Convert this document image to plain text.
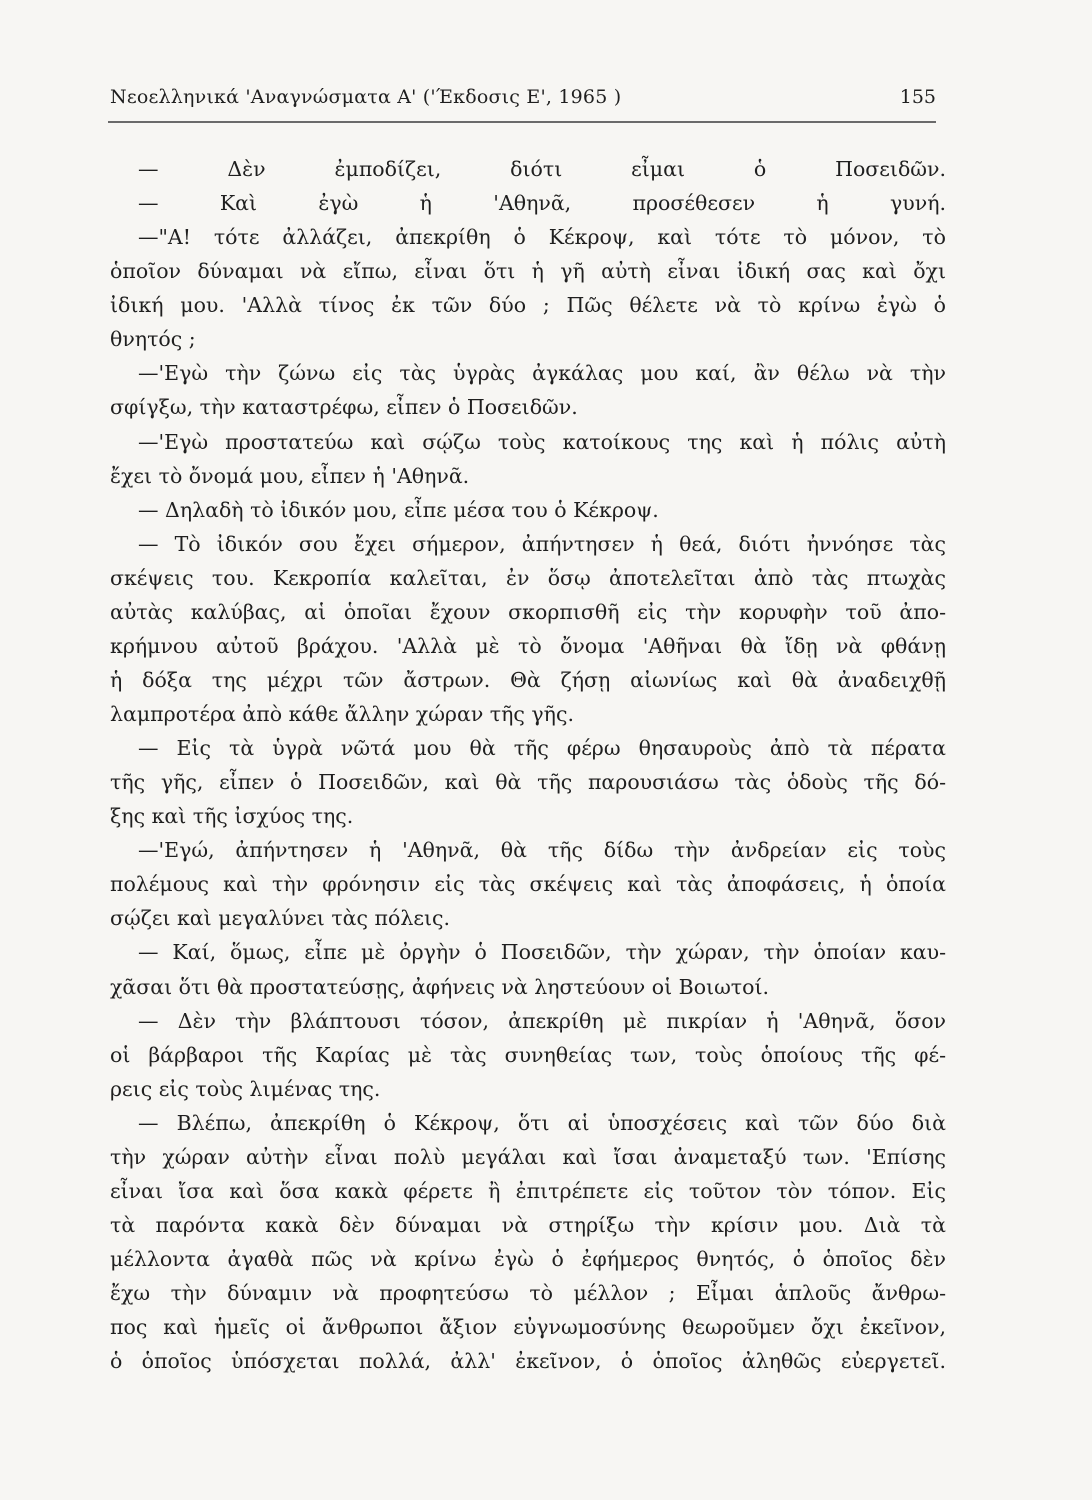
Νεοελληνικά 'Αναγνώσματα Α' ('Έκδοσις Ε', 1965 )	155
— Δὲν ἐμποδίζει, διότι εἶμαι ὁ Ποσειδῶν.
— Καὶ ἐγὼ ἡ 'Αθηνᾶ, προσέθεσεν ἡ γυνή.
—"Α! τότε ἀλλάζει, ἀπεκρίθη ὁ Κέκροψ, καὶ τότε τὸ μόνον, τὸ
ὁποῖον δύναμαι νὰ εἴπω, εἶναι ὅτι ἡ γῆ αὐτὴ εἶναι ἰδική σας καὶ ὄχι
ἰδική μου. 'Αλλὰ τίνος ἐκ τῶν δύο ; Πῶς θέλετε νὰ τὸ κρίνω ἐγὼ ὁ
θνητός ;
—'Εγὼ τὴν ζώνω εἰς τὰς ὑγρὰς ἀγκάλας μου καί, ἂν θέλω νὰ τὴν
σφίγξω, τὴν καταστρέφω, εἶπεν ὁ Ποσειδῶν.
—'Εγὼ προστατεύω καὶ σῴζω τοὺς κατοίκους της καὶ ἡ πόλις αὐτὴ
ἔχει τὸ ὄνομά μου, εἶπεν ἡ 'Αθηνᾶ.
— Δηλαδὴ τὸ ἰδικόν μου, εἶπε μέσα του ὁ Κέκροψ.
— Τὸ ἰδικόν σου ἔχει σήμερον, ἀπήντησεν ἡ θεά, διότι ἠννόησε τὰς
σκέψεις του. Κεκροπία καλεῖται, ἐν ὅσῳ ἀποτελεῖται ἀπὸ τὰς πτωχὰς
αὐτὰς καλύβας, αἱ ὁποῖαι ἔχουν σκορπισθῆ εἰς τὴν κορυφὴν τοῦ ἀπο-
κρήμνου αὐτοῦ βράχου. 'Αλλὰ μὲ τὸ ὄνομα 'Αθῆναι θὰ ἴδῃ νὰ φθάνῃ
ἡ δόξα της μέχρι τῶν ἄστρων. Θὰ ζήσῃ αἰωνίως καὶ θὰ ἀναδειχθῇ
λαμπροτέρα ἀπὸ κάθε ἄλλην χώραν τῆς γῆς.
— Εἰς τὰ ὑγρὰ νῶτά μου θὰ τῆς φέρω θησαυροὺς ἀπὸ τὰ πέρατα
τῆς γῆς, εἶπεν ὁ Ποσειδῶν, καὶ θὰ τῆς παρουσιάσω τὰς ὁδοὺς τῆς δό-
ξης καὶ τῆς ἰσχύος της.
—'Εγώ, ἀπήντησεν ἡ 'Αθηνᾶ, θὰ τῆς δίδω τὴν ἀνδρείαν εἰς τοὺς
πολέμους καὶ τὴν φρόνησιν εἰς τὰς σκέψεις καὶ τὰς ἀποφάσεις, ἡ ὁποία
σῴζει καὶ μεγαλύνει τὰς πόλεις.
— Καί, ὅμως, εἶπε μὲ ὀργὴν ὁ Ποσειδῶν, τὴν χώραν, τὴν ὁποίαν καυ-
χᾶσαι ὅτι θὰ προστατεύσῃς, ἀφήνεις νὰ ληστεύουν οἱ Βοιωτοί.
— Δὲν τὴν βλάπτουσι τόσον, ἀπεκρίθη μὲ πικρίαν ἡ 'Αθηνᾶ, ὅσον
οἱ βάρβαροι τῆς Καρίας μὲ τὰς συνηθείας των, τοὺς ὁποίους τῆς φέ-
ρεις εἰς τοὺς λιμένας της.
— Βλέπω, ἀπεκρίθη ὁ Κέκροψ, ὅτι αἱ ὑποσχέσεις καὶ τῶν δύο διὰ
τὴν χώραν αὐτὴν εἶναι πολὺ μεγάλαι καὶ ἴσαι ἀναμεταξύ των. 'Επίσης
εἶναι ἴσα καὶ ὅσα κακὰ φέρετε ἢ ἐπιτρέπετε εἰς τοῦτον τὸν τόπον. Εἰς
τὰ παρόντα κακὰ δὲν δύναμαι νὰ στηρίξω τὴν κρίσιν μου. Διὰ τὰ
μέλλοντα ἀγαθὰ πῶς νὰ κρίνω ἐγὼ ὁ ἐφήμερος θνητός, ὁ ὁποῖος δὲν
ἔχω τὴν δύναμιν νὰ προφητεύσω τὸ μέλλον ; Εἶμαι ἁπλοῦς ἄνθρω-
πος καὶ ἡμεῖς οἱ ἄνθρωποι ἄξιον εὐγνωμοσύνης θεωροῦμεν ὄχι ἐκεῖνον,
ὁ ὁποῖος ὑπόσχεται πολλά, ἀλλ' ἐκεῖνον, ὁ ὁποῖος ἀληθῶς εὐεργετεῖ.
